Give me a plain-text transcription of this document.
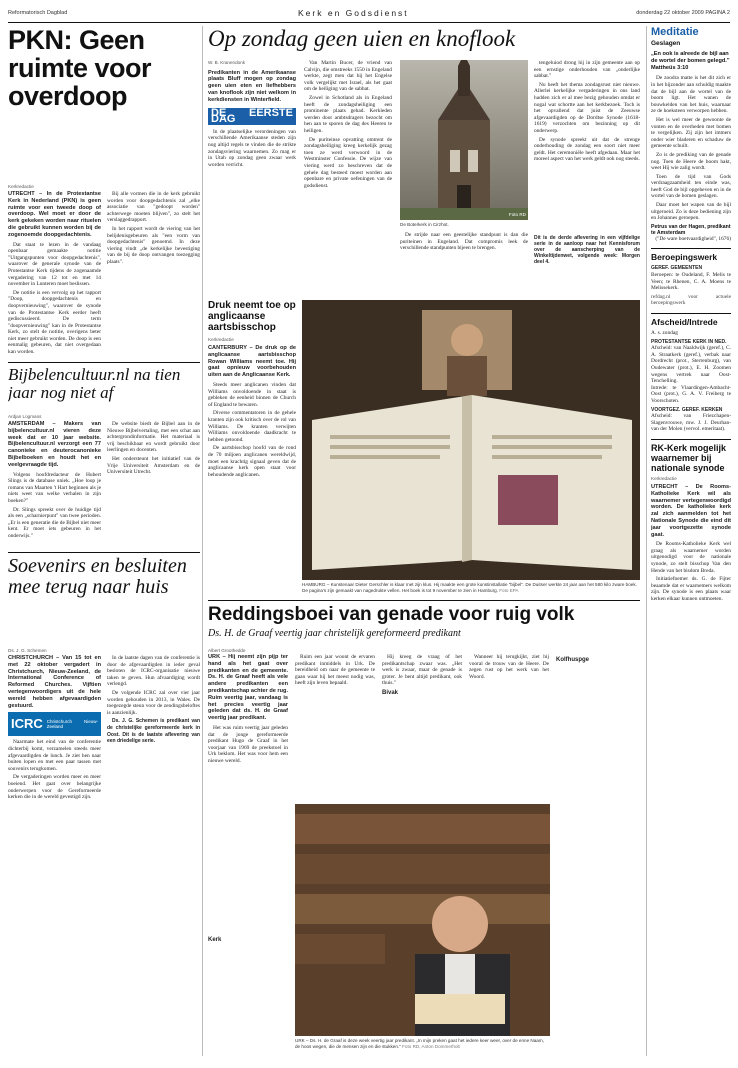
Reformatorisch Dagblad	Kerk en Godsdienst	donderdag 22 oktober 2009 PAGINA 2
PKN: Geen ruimte voor overdoop
Kerkredactie
UTRECHT – In de Protestantse Kerk in Nederland (PKN) is geen ruimte voor een tweede doop of overdoop. Wel moet er door de kerk gekeken worden naar rituelen die gebruikt kunnen worden bij de zogenoemde doopgedachtenis.

Dat staat te lezen in de vandaag openbaar gemaakte notitie "Uitgangspunten voor doopgedachtenis", waarover de generale synode van de Protestantse Kerk tijdens de zogenaamde vergadering van 12 tot en met 14 november in Lunteren moet beslissen.

De notitie is een vervolg op het rapport "Doop, doopgedachtenis en doopvernieuwing", waarover de synode van de Protestantse Kerk eerder heeft gediscussieerd. De term "doopvernieuwing" kan in de Protestantse Kerk, zo stelt de notitie, overigens beter niet meer gebruikt worden. De doop is een eenmalig gebeuren, dat niet overgedaan kan worden.

Bij alle vormen die in de kerk gebruikt worden voor doopgedachtenis zal „elke associatie van "gedoopt worden" achterwege moeten blijven", zo stelt het verslaggedrapport.

In het rapport wordt de viering van het belijdenisgebeuren als "een vorm van doopgedachtenis" genoemd. In deze viering vindt „de kerkelijke bevestiging van de bij de doop ontvangen toezegging plaats".

Bijbelencultuur.nl na tien jaar nog niet af
Ardjan Logmans
AMSTERDAM – Makers van bijbelencultuur.nl vieren deze week dat er 10 jaar website. Bijbelencultuur.nl verzorgt een 77 canonieke en deuterocanonieke Bijbelboeken en houdt het en veelgevraagde tijd.

Volgens hoofdredacteur de Hubert Slings is de database uniek. „Hoe loop je romans van Maarten 't Hart beginnen als je niets weet van welke verhalen in zijn boeken?"

Dr. Slings spreekt over de huidige tijd als een „scharnierpunt" van twee perioden. „Er is een generatie die de Bijbel niet meer kent. Er moet iets gebeuren in het onderwijs."

De website biedt de Bijbel aan in de Nieuwe Bijbelvertaling, met een schat aan achtergrondinformatie. Het materiaal is vrij beschikbaar en wordt gebruikt door leerlingen en docenten.

Het ondersteunt het initiatief van de Vrije Universiteit Amsterdam en de Universiteit Utrecht.

Soevenirs en besluiten mee terug naar huis
Ds. J. G. Schemen
CHRISTCHURCH – Van 15 tot en met 22 oktober vergadert in Christchurch, Nieuw-Zeeland, de International Conference of Reformed Churches. Vijftien vertegenwoordigers uit de hele wereld hebben afgevaardigden gestuurd.
ICRC Christchurch Nieuw-Zeeland

Naarmate het eind van de conferentie dichterbij komt, verzamelen steeds meer afgevaardigden de lunch. Je ziet hen naar buiten lopen en met een paar tassen met souvenirs terugkomen.

De vergaderingen worden meer en meer boeiend. Het gaat over belangrijke onderwerpen voor de Gereformeerde kerken die in de wereld gevestigd zijn.

In de laatste dagen van de conferentie is door de afgevaardigden in ieder geval besloten de ICRC-organisatie nieuwe taken te geven. Hun afvaardiging wordt verlengd.

De volgende ICRC zal over vier jaar worden gehouden in 2013, in Wales. De toegezegde steun voor de zendingsbeloftes is aanzienlijk.

Ds. J. G. Schemen is predikant van de christelijke gereformeerde kerk in Oost. Dit is de laatste aflevering van een driedelige serie.

Op zondag geen uien en knoflook
W. B. Kranendonk
Predikanten in de Amerikaanse plaats Bluff mogen op zondag geen uien eten en liefhebbers van knoflook zijn niet welkom in kerkdiensten in Winterfield.
DE EERSTE DAG

In de plaatselijke verordeningen van verschillende Amerikaanse steden zijn nog altijd regels te vinden die de strikte zondagsviering waarnemen. Zo mag er in Utah op zondag geen zwaar werk worden verricht.

Van Martin Bucer, de vriend van Calvijn, die omstreeks 1550 in Engeland werkte, zegt men dat hij het Engelse volk vergelijkt met Israel, als het gaat om de heiliging van de sabbat.

Zowel in Schotland als in Engeland heeft de zondagsheiliging een prominente plaats gehad. Kerkleden werden door ambtsdragers bezocht om hen aan te sporen de dag des Heeren te heiligen.

De puriteinse opvatting omtrent de zondagsheiliging kreeg kerkelijk gezag toen ze werd verwoord in de Westminster Confessie. De wijze van viering werd zo beschreven dat de gehele dag besteed moest worden aan openbare en private oefeningen van de godsdienst.

Foto RD
De Boterkerk in Cirzhot.

tengeluiod drong hij in zijn gemeente aan op een ernstige onderhouden van „onderlijke sabbat."

Nu heeft het thema zondagsrust niet nieuwe. Allerlei kerkelijke vergaderingen in ons land hadden zich er al mee bezig gehouden omdat er nogal wat schortte aan het kerkbezoek. Toch is het opvallend dat juist de Zeeuwse afgevaardigden op de Dordtse Synode (1618-1619) verzochten om bezinning op dit onderwerp.

De synode spreekt uit dat de strenge onderhouding de zondag een soort niet meer geldt. Het ceremoniële heeft afgedaan. Maar het moreel aspect van het werk geldt ook nog steeds.

De strijde naar een geestelijke standpunt is dan die puriteinen in Engeland. Dat compromis leek de verschillende standpunten bijeen te brengen.

Dit is de derde aflevering in een vijfdelige serie in de aanloop naar het Kennisforum over de aanscherping van de Winkeltijdenwet, volgende week: Morgen deel 4.
Druk neemt toe op anglicaanse aartsbisschop
Kerkredactie
CANTERBURY – De druk op de anglicaanse aartsbisschop Rowan Williams neemt toe. Hij gaat opnieuw voorbehouden uiten aan de Anglicaanse Kerk.

Steeds meer anglicanen vinden dat Williams onvoldoende in staat is gebleken de eenheid binnen de Church of England te bewaren.

Diverse commentatoren in de gehele kranten zijn ook kritisch over de rol van Williams. De kranten verwijten Williams onvoldoende daadkracht te hebben getoond.

De aartsbisschop hoofd van de rond de 70 miljoen anglicanen wereldwijd, moet een krachtig signaal geven dat de anglicaanse kerk open staat voor behoudende anglicanen.

HAMBURG – Kunstenaar Dieter Gerschler is klaar met zijn klus. Hij maakte een grote kunstinstallatie "bijbel". De Duitser werkte 24 jaar aan het 580 kilo zware boek. De pagina's zijn gemaakt van nagedrukte vellen. Het boek is tot 9 november te zien in Hamburg. Foto EPA
Reddingsboei van genade voor ruig volk
Ds. H. de Graaf veertig jaar christelijk gereformeerd predikant
Albert Groothedde
URK – Hij neemt zijn pijp ter hand als het gaat over predikanten en de gemeente. Ds. H. de Graaf heeft als vele andere predikanten een predikantschap achter de rug. Ruim veertig jaar, vandaag is het precies veertig jaar geleden dat ds. H. de Graaf veertig jaar predikant.

Het was ruim veertig jaar geleden dat de jonge gereformeerde predikant Hugo de Graaf in het voorjaar van 1969 de preekstoel in Urk beklom. Het was voor hem een nieuwe wereld.

Ruim een jaar woont de ervaren predikant inmiddels in Urk. De bereidheid om naar de gemeente te gaan waar hij het meest nodig was, heeft zijn leven bepaald.

Hij kreeg de vraag of het predikantschap zwaar was. „Het werk is zwaar, maar de genade is groter. Je bent altijd predikant, ook thuis."

Bivak

Wanneer hij terugkijkt, ziet hij vooral de trouw van de Heere. De zegen rust op het werk van het Woord.

Kolfhuspge
URK – Ds. H. de Graaf is deze week veertig jaar predikant. „In mijn preken gaat het iedere keer weer, over de enne Naam, de hoos wegen, die de mensen zijn en die stukken." Foto RD, Anton Dommerholt
Kerk
Meditatie
Geslagen
„En ook is alreede de bijl aan de wortel der bomen gelegd." Mattheüs 3:10

De zoodra matte is het dit zich er in het bijzonder aan schuldig maakte dat de bijl aan de wortel van de boom ligt. Het wanen de bouwkelden van het huis, waarnaar ze de hoeksteen verworpen hebben.

Het is wel meer de gewoonte de vonten en de overheden met bomen te vergelijken. Zij zijn het immers onder wier bladeren en schaduw de gemeente schuilt.

Zo is de prediking van de genade nog. Toen de Heere de boom hakt, weet Hij wie zalig wordt.

Toen de tijd van Gods verdraagzaamheid ten einde was, heeft God de bijl opgeheven en in de wortel van de bomen geslagen.

Daar moet het wapen van de bijl uitgeroeid. Zo is deze bediening zijn en Johannes geroepen.

Petrus van der Hagen, predikant te Amsterdam
("De ware boetvaardigheid", 1676)
Beroepingswerk
GEREF. GEMEENTEN
Beroepen: te Oudeland, F. Melis te Veen; te Rhenen, C. A. Moens te Melissekerk.
refdag.nl voor actuele beroepingswerk
Afscheid/Intrede
A. s. zondag
PROTESTANTSE KERK IN NED.
Afscheid: van Naaldwijk (geref.), C. A. Straatkerk (geref.), verbak naar Dordrecht (prot., Sterrenburg), van Oudewater (prot.), E. H. Zoomen wegens vertrek naar Oost-Tenchelling.
Intrede: te Vlaardingen-Ambacht-Oost (prot.), G. A. V. Freiberg te Voorschoten.
VOORTGEZ. GEREF. KERKEN
Afscheid: van Friezchapen-Slagenvrouwe, mw. J. J. Deurhan-van der Molen (vervol. emeritaat).
RK-Kerk mogelijk waarnemer bij nationale synode
Kerkredactie
UTRECHT – De Rooms-Katholieke Kerk wil als waarnemer vertegenwoordigd worden. De katholieke kerk zal zich aanmelden tot het Nationale Synode die eind dit jaar voortgezette synode gaat.

De Rooms-Katholieke Kerk wel graag als waarnemer worden uitgenodigd voor de nationale synode, zo stelt bisschop Van den Hende van het bisdom Breda.

Initiatiefnemer ds. G. de Fijter beaamde dat er waarnemers welkom zijn. De synode is een plaats waar kerken elkaar kunnen ontmoeten.
